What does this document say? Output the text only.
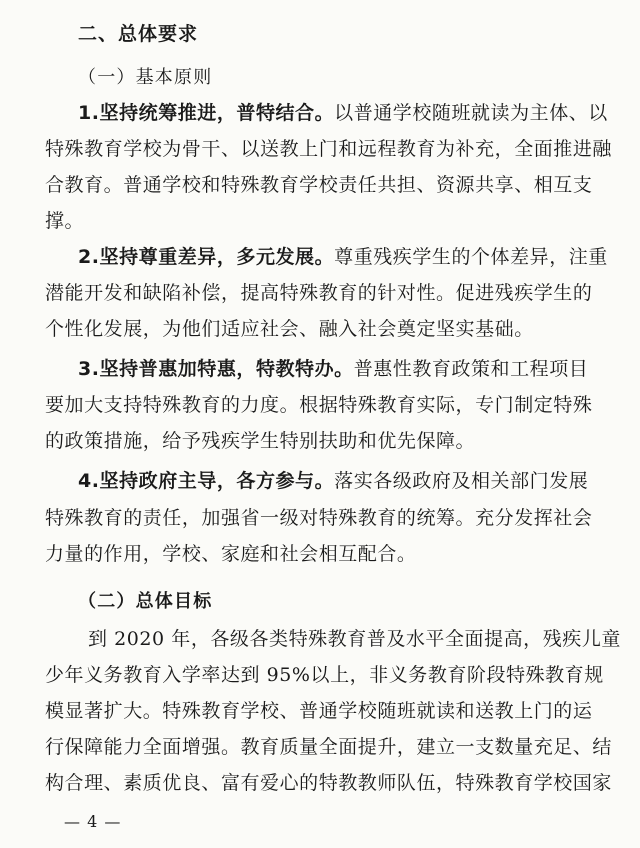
二、总体要求
（一）基本原则
1.坚持统筹推进，普特结合。以普通学校随班就读为主体、以
特殊教育学校为骨干、以送教上门和远程教育为补充，全面推进融
合教育。普通学校和特殊教育学校责任共担、资源共享、相互支
撑。
2.坚持尊重差异，多元发展。尊重残疾学生的个体差异，注重
潜能开发和缺陷补偿，提高特殊教育的针对性。促进残疾学生的
个性化发展，为他们适应社会、融入社会奠定坚实基础。
3.坚持普惠加特惠，特教特办。普惠性教育政策和工程项目
要加大支持特殊教育的力度。根据特殊教育实际，专门制定特殊
的政策措施，给予残疾学生特别扶助和优先保障。
4.坚持政府主导，各方参与。落实各级政府及相关部门发展
特殊教育的责任，加强省一级对特殊教育的统筹。充分发挥社会
力量的作用，学校、家庭和社会相互配合。
（二）总体目标
到 2020 年，各级各类特殊教育普及水平全面提高，残疾儿童
少年义务教育入学率达到 95%以上，非义务教育阶段特殊教育规
模显著扩大。特殊教育学校、普通学校随班就读和送教上门的运
行保障能力全面增强。教育质量全面提升，建立一支数量充足、结
构合理、素质优良、富有爱心的特教教师队伍，特殊教育学校国家
— 4 —
